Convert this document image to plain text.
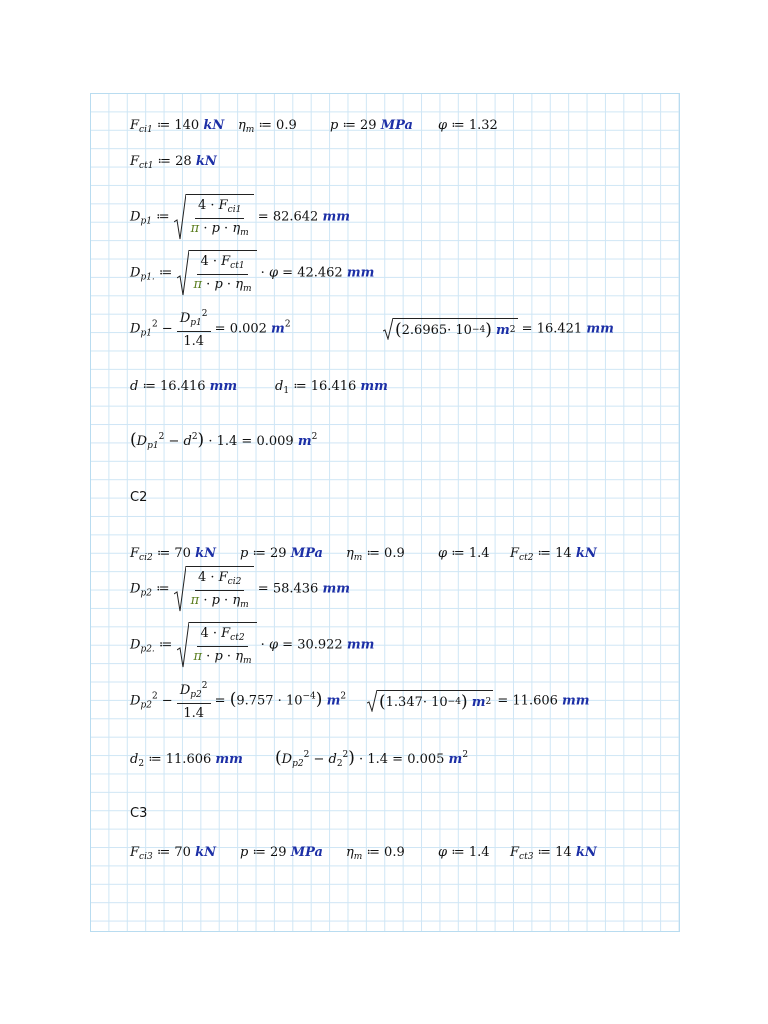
$F_{ci1}$ ≔ 140 kN $\eta_m$ ≔ 0.9	p ≔ 29 MPa φ ≔ 1.32
$F_{ct1}$ ≔ 28 kN
$D_{p1}$ ≔ $\frac{4 \cdot F_{ci1}}{\pi \cdot p \cdot \eta_m} = 82.642$ mm
$D_{p1.}$ ≔ $\frac{4 \cdot F_{ct1}}{\pi \cdot p \cdot \eta_m} \cdot \varphi = 42.462$ mm
$D_{p1}^2 - \frac{D_{p1}^2}{1.4} = 0.002$ $m^2$	( 2.6965 · 10 −4 )
m 2 = 16.421 mm
d ≔ 16.416 mm	$d_1$ ≔ 16.416 mm
$(D_{p1}^2 - d^2) \cdot 1.4 = 0.009$ $m^2$
C2
$F_{ci2}$ ≔ 70 kN p ≔ 29 MPa $\eta_m$ ≔ 0.9	φ ≔ 1.4 $F_{ct2}$ ≔ 14 kN
$D_{p2}$ ≔ $\frac{4 \cdot F_{ci2}}{\pi \cdot p \cdot \eta_m} = 58.436$ mm
$D_{p2.}$ ≔ $\frac{4 \cdot F_{ct2}}{\pi \cdot p \cdot \eta_m} \cdot \varphi = 30.922$ mm
$D_{p2}^2 - \frac{D_{p2}^2}{1.4} = (9.757 \cdot 10^{-4})$ $m^2$ ( 1.347 · 10 −4 )
m 2 = 11.606 mm
$d_2$ ≔ 11.606 mm $(D_{p2}^2 - d_2^2) \cdot 1.4 = 0.005$ $m^2$
C3
$F_{ci3}$ ≔ 70 kN p ≔ 29 MPa $\eta_m$ ≔ 0.9	φ ≔ 1.4 $F_{ct3}$ ≔ 14 kN
